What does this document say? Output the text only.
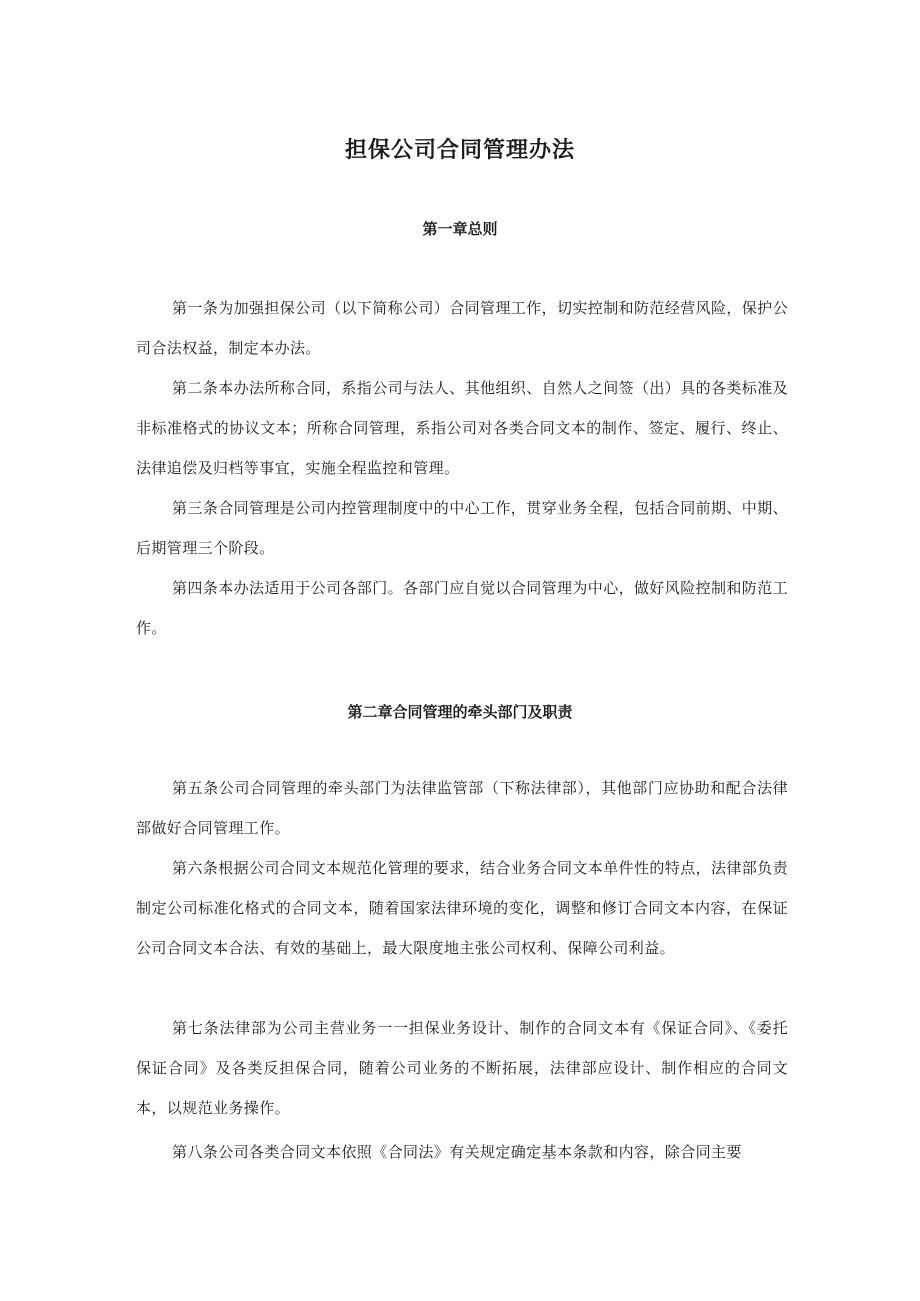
担保公司合同管理办法
第一章总则

第一条为加强担保公司（以下简称公司）合同管理工作，切实控制和防范经营风险，保护公司合法权益，制定本办法。

第二条本办法所称合同，系指公司与法人、其他组织、自然人之间签（出）具的各类标准及非标准格式的协议文本；所称合同管理，系指公司对各类合同文本的制作、签定、履行、终止、法律追偿及归档等事宜，实施全程监控和管理。

第三条合同管理是公司内控管理制度中的中心工作，贯穿业务全程，包括合同前期、中期、后期管理三个阶段。

第四条本办法适用于公司各部门。各部门应自觉以合同管理为中心，做好风险控制和防范工作。

第二章合同管理的牵头部门及职责

第五条公司合同管理的牵头部门为法律监管部（下称法律部），其他部门应协助和配合法律部做好合同管理工作。

第六条根据公司合同文本规范化管理的要求，结合业务合同文本单件性的特点，法律部负责制定公司标准化格式的合同文本，随着国家法律环境的变化，调整和修订合同文本内容，在保证公司合同文本合法、有效的基础上，最大限度地主张公司权利、保障公司利益。

第七条法律部为公司主营业务一一担保业务设计、制作的合同文本有《保证合同》、《委托保证合同》及各类反担保合同，随着公司业务的不断拓展，法律部应设计、制作相应的合同文本，以规范业务操作。

第八条公司各类合同文本依照《合同法》有关规定确定基本条款和内容，除合同主要
